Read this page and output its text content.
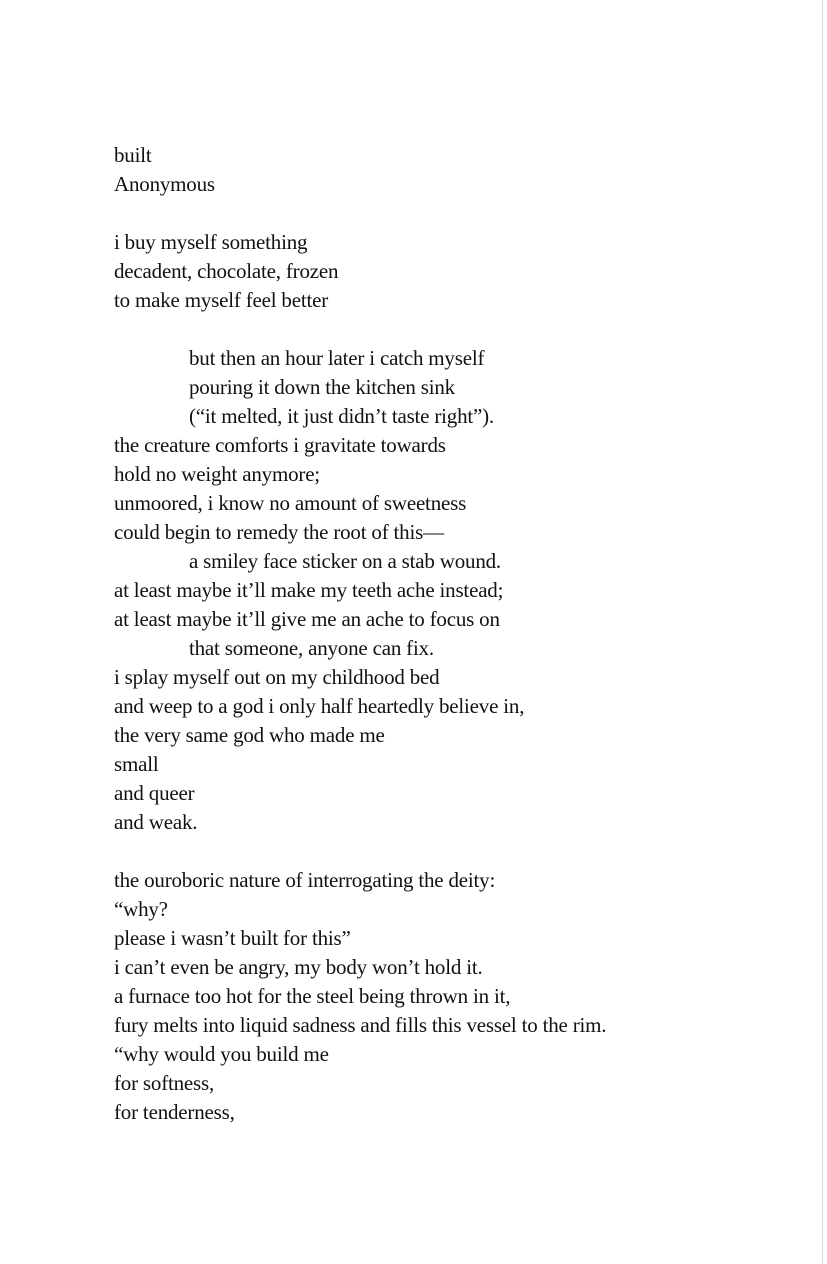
built
Anonymous
i buy myself something
decadent, chocolate, frozen
to make myself feel better
but then an hour later i catch myself
pouring it down the kitchen sink
(“it melted, it just didn’t taste right”).
the creature comforts i gravitate towards
hold no weight anymore;
unmoored, i know no amount of sweetness
could begin to remedy the root of this—
a smiley face sticker on a stab wound.
at least maybe it’ll make my teeth ache instead;
at least maybe it’ll give me an ache to focus on
that someone, anyone can fix.
i splay myself out on my childhood bed
and weep to a god i only half heartedly believe in,
the very same god who made me
small
and queer
and weak.
the ouroboric nature of interrogating the deity:
“why?
please i wasn’t built for this”
i can’t even be angry, my body won’t hold it.
a furnace too hot for the steel being thrown in it,
fury melts into liquid sadness and fills this vessel to the rim.
“why would you build me
for softness,
for tenderness,
